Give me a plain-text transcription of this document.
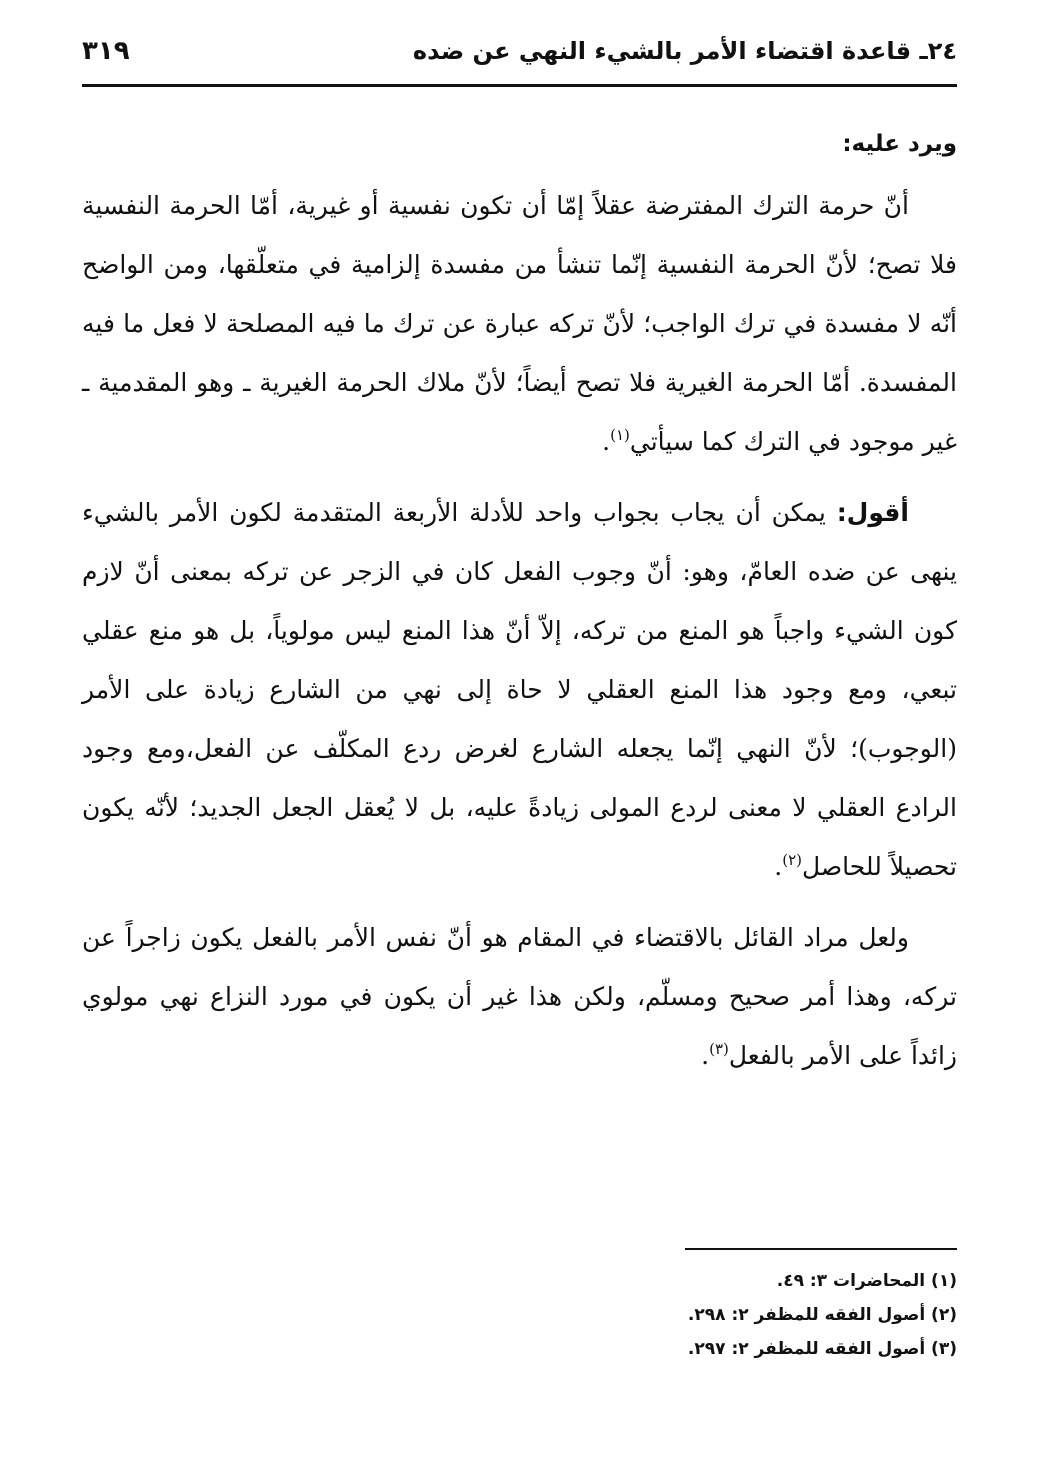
٢٤ـ قاعدة اقتضاء الأمر بالشيء النهي عن ضده
٣١٩

ويرد عليه:

أنّ حرمة الترك المفترضة عقلاً إمّا أن تكون نفسية أو غيرية، أمّا الحرمة النفسية فلا تصح؛ لأنّ الحرمة النفسية إنّما تنشأ من مفسدة إلزامية في متعلّقها، ومن الواضح أنّه لا مفسدة في ترك الواجب؛ لأنّ تركه عبارة عن ترك ما فيه المصلحة لا فعل ما فيه المفسدة. أمّا الحرمة الغيرية فلا تصح أيضاً؛ لأنّ ملاك الحرمة الغيرية ـ وهو المقدمية ـ غير موجود في الترك كما سيأتي$^{(١)}$.

أقول: يمكن أن يجاب بجواب واحد للأدلة الأربعة المتقدمة لكون الأمر بالشيء ينهى عن ضده العامّ، وهو: أنّ وجوب الفعل كان في الزجر عن تركه بمعنى أنّ لازم كون الشيء واجباً هو المنع من تركه، إلاّ أنّ هذا المنع ليس مولوياً، بل هو منع عقلي تبعي، ومع وجود هذا المنع العقلي لا حاة إلى نهي من الشارع زيادة على الأمر (الوجوب)؛ لأنّ النهي إنّما يجعله الشارع لغرض ردع المكلّف عن الفعل،ومع وجود الرادع العقلي لا معنى لردع المولى زيادةً عليه، بل لا يُعقل الجعل الجديد؛ لأنّه يكون تحصيلاً للحاصل$^{(٢)}$.

ولعل مراد القائل بالاقتضاء في المقام هو أنّ نفس الأمر بالفعل يكون زاجراً عن تركه، وهذا أمر صحيح ومسلّم، ولكن هذا غير أن يكون في مورد النزاع نهي مولوي زائداً على الأمر بالفعل$^{(٣)}$.

(١) المحاضرات ٣: ٤٩.
(٢) أصول الفقه للمظفر ٢: ٢٩٨.
(٣) أصول الفقه للمظفر ٢: ٢٩٧.
